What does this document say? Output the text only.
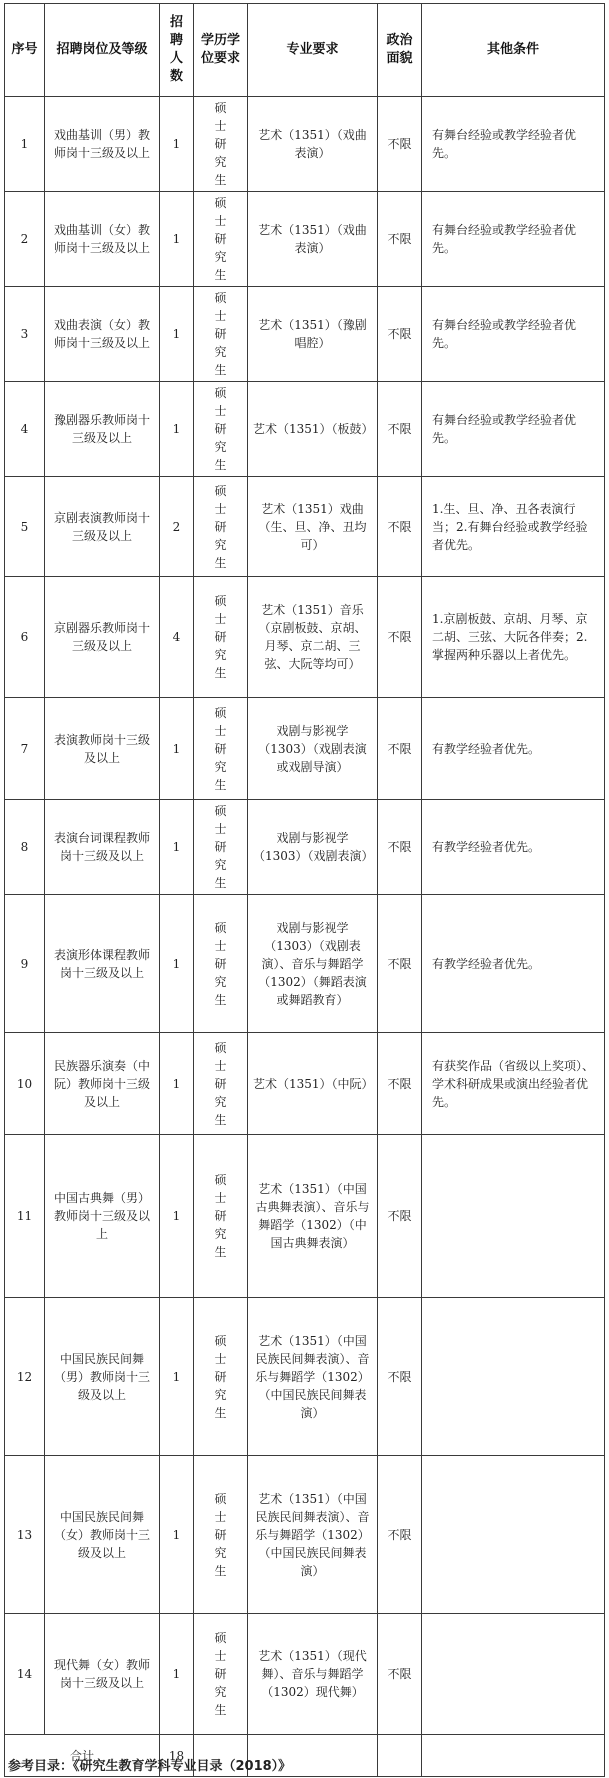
序号	招聘岗位及等级	招聘人数	学历学位要求	专业要求	政治面貌	其他条件
1	戏曲基训（男）教师岗十三级及以上	1	硕士研究生	艺术（1351）（戏曲表演）	不限	有舞台经验或教学经验者优先。
2	戏曲基训（女）教师岗十三级及以上	1	硕士研究生	艺术（1351）（戏曲表演）	不限	有舞台经验或教学经验者优先。
3	戏曲表演（女）教师岗十三级及以上	1	硕士研究生	艺术（1351）（豫剧唱腔）	不限	有舞台经验或教学经验者优先。
4	豫剧器乐教师岗十三级及以上	1	硕士研究生	艺术（1351）（板鼓）	不限	有舞台经验或教学经验者优先。
5	京剧表演教师岗十三级及以上	2	硕士研究生	艺术（1351）戏曲（生、旦、净、丑均可）	不限	1.生、旦、净、丑各表演行当；2.有舞台经验或教学经验者优先。
6	京剧器乐教师岗十三级及以上	4	硕士研究生	艺术（1351）音乐（京剧板鼓、京胡、月琴、京二胡、三弦、大阮等均可）	不限	1.京剧板鼓、京胡、月琴、京二胡、三弦、大阮各伴奏；2.掌握两种乐器以上者优先。
7	表演教师岗十三级及以上	1	硕士研究生	戏剧与影视学（1303）（戏剧表演或戏剧导演）	不限	有教学经验者优先。
8	表演台词课程教师岗十三级及以上	1	硕士研究生	戏剧与影视学（1303）（戏剧表演）	不限	有教学经验者优先。
9	表演形体课程教师岗十三级及以上	1	硕士研究生	戏剧与影视学（1303）（戏剧表演）、音乐与舞蹈学（1302）（舞蹈表演或舞蹈教育）	不限	有教学经验者优先。
10	民族器乐演奏（中阮）教师岗十三级及以上	1	硕士研究生	艺术（1351）（中阮）	不限	有获奖作品（省级以上奖项）、学术科研成果或演出经验者优先。
11	中国古典舞（男）教师岗十三级及以上	1	硕士研究生	艺术（1351）（中国古典舞表演）、音乐与舞蹈学（1302）（中国古典舞表演）	不限	
12	中国民族民间舞（男）教师岗十三级及以上	1	硕士研究生	艺术（1351）（中国民族民间舞表演）、音乐与舞蹈学（1302）（中国民族民间舞表演）	不限	
13	中国民族民间舞（女）教师岗十三级及以上	1	硕士研究生	艺术（1351）（中国民族民间舞表演）、音乐与舞蹈学（1302）（中国民族民间舞表演）	不限	
14	现代舞（女）教师岗十三级及以上	1	硕士研究生	艺术（1351）（现代舞）、音乐与舞蹈学（1302）现代舞）	不限	
合计		18				
参考目录：《研究生教育学科专业目录（2018）》
